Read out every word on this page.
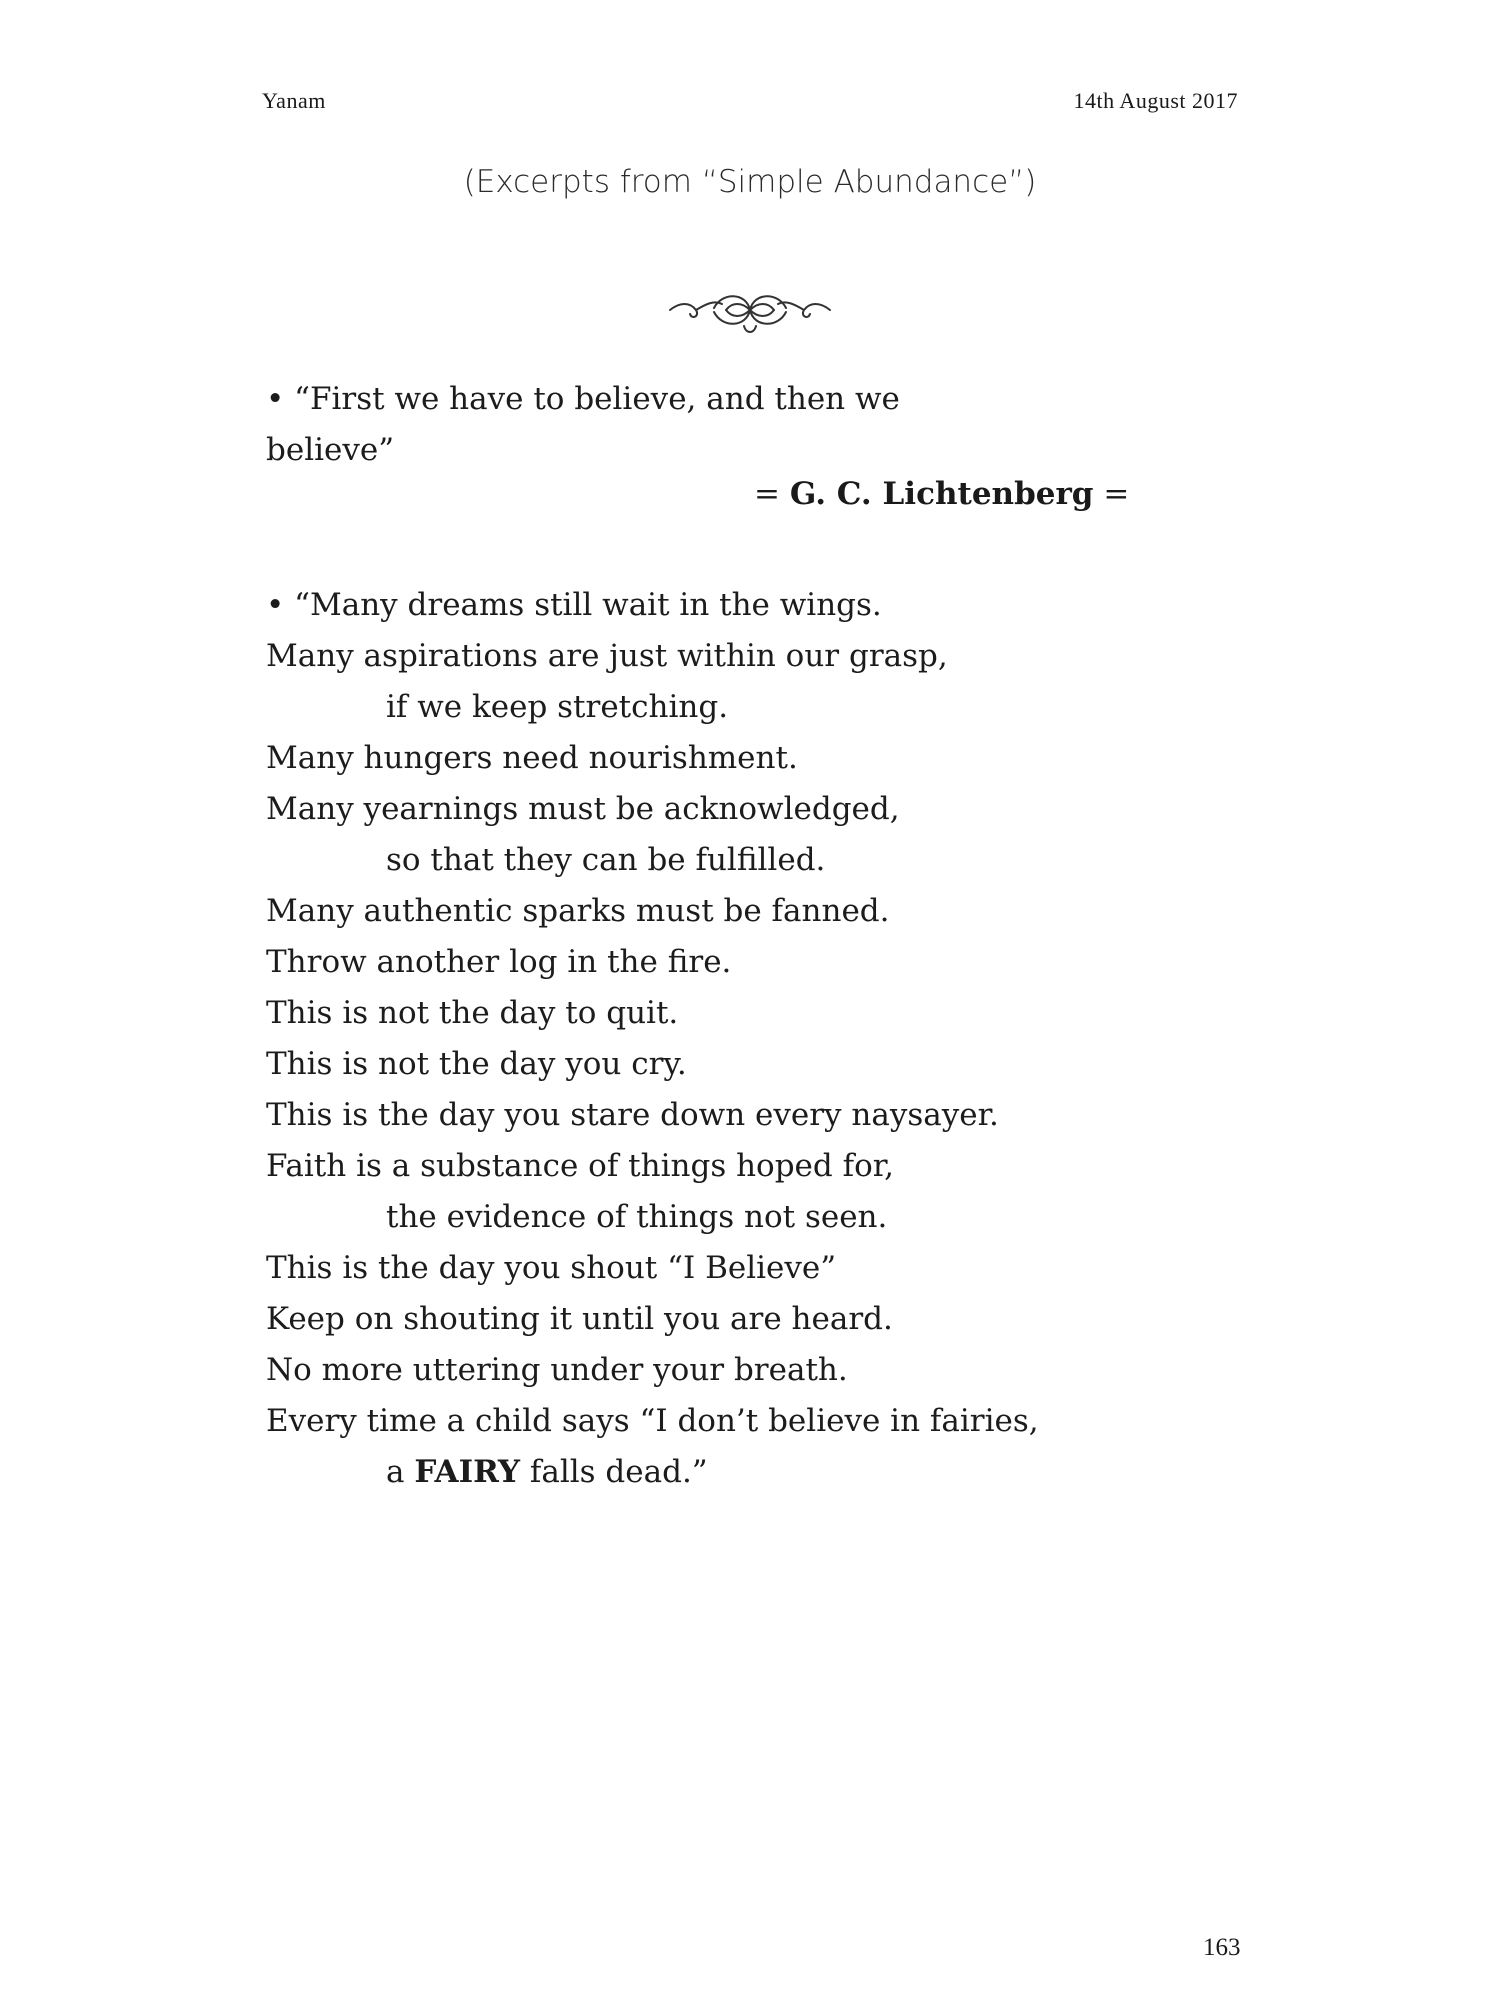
Yanam	14th August 2017
(Excerpts from “Simple Abundance”)
• “First we have to believe, and then we
believe”
= G. C. Lichtenberg =
• “Many dreams still wait in the wings.
Many aspirations are just within our grasp,
if we keep stretching.
Many hungers need nourishment.
Many yearnings must be acknowledged,
so that they can be fulfilled.
Many authentic sparks must be fanned.
Throw another log in the fire.
This is not the day to quit.
This is not the day you cry.
This is the day you stare down every naysayer.
Faith is a substance of things hoped for,
the evidence of things not seen.
This is the day you shout “I Believe”
Keep on shouting it until you are heard.
No more uttering under your breath.
Every time a child says “I don’t believe in fairies,
a FAIRY falls dead.”
163
